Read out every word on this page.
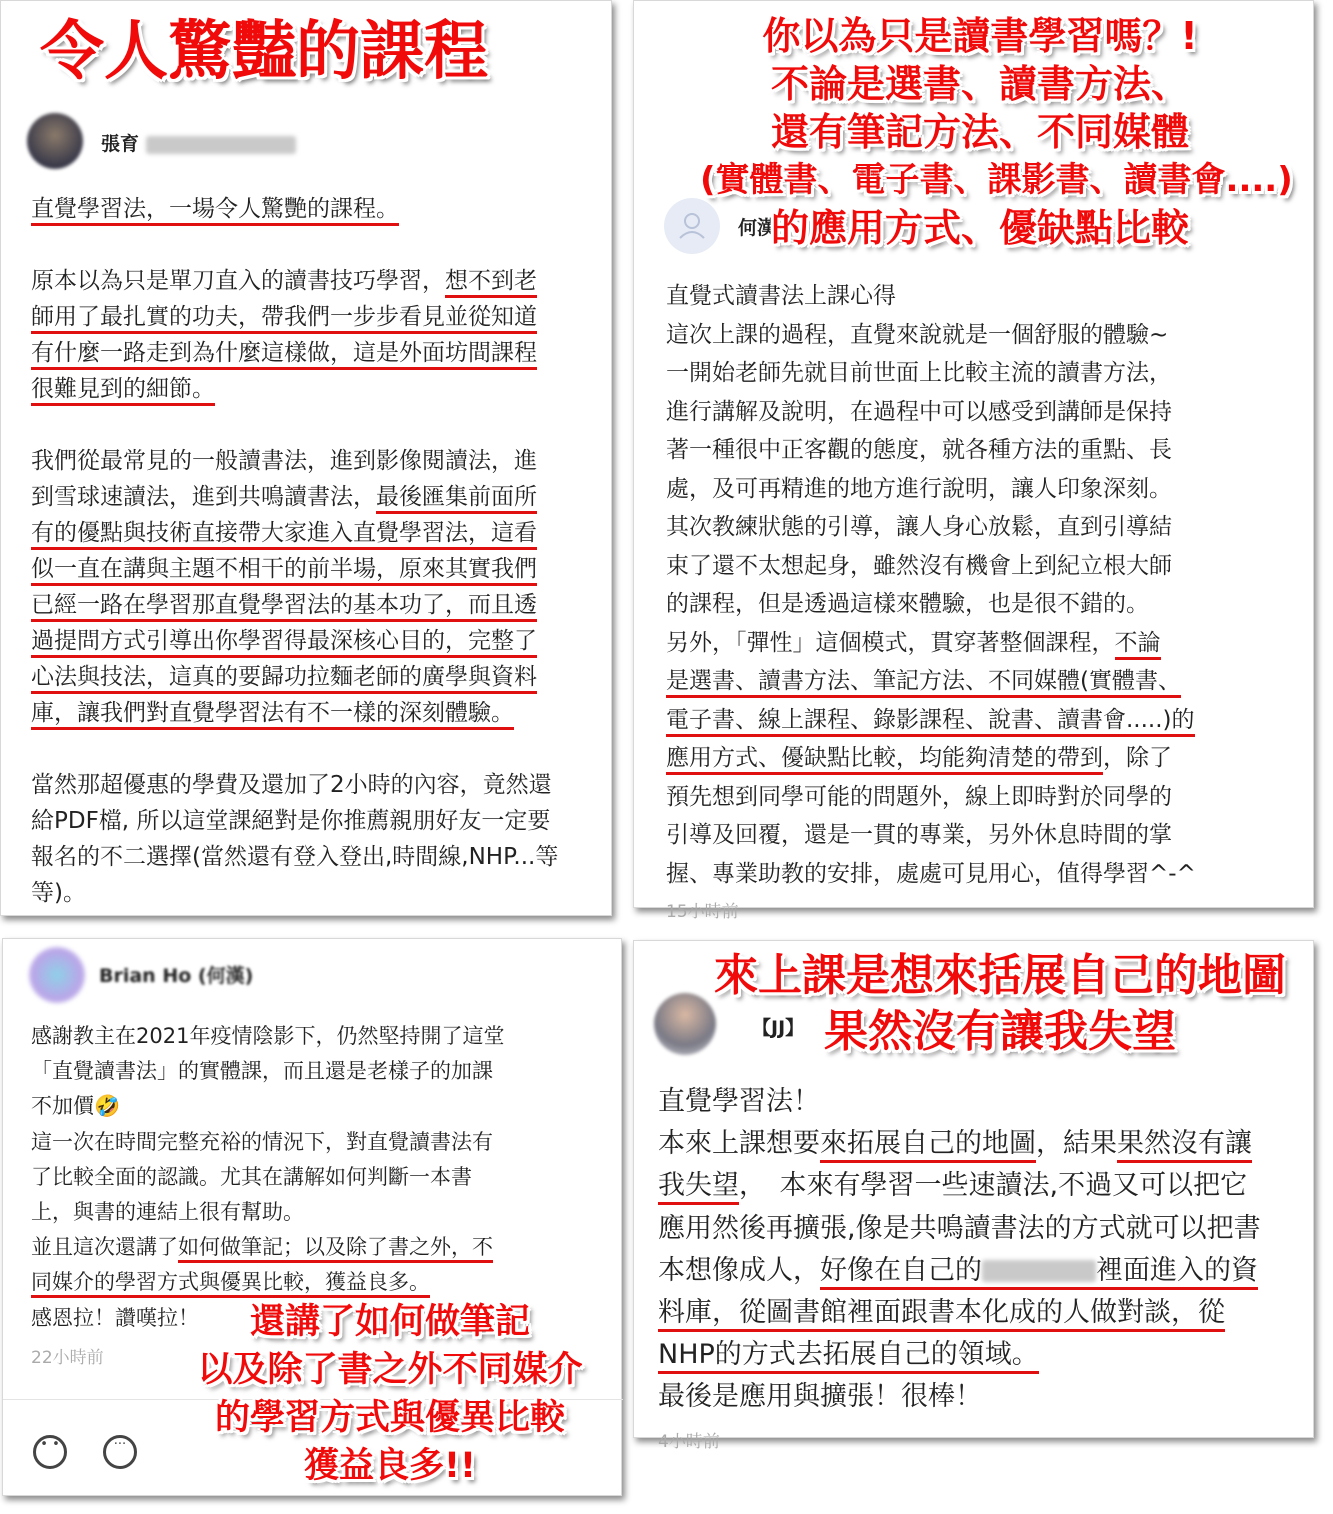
張育
直覺學習法，一場令人驚艷的課程。
原本以為只是單刀直入的讀書技巧學習，想不到老
師用了最扎實的功夫，帶我們一步步看見並從知道
有什麼一路走到為什麼這樣做，這是外面坊間課程
很難見到的細節。
我們從最常見的一般讀書法，進到影像閱讀法，進
到雪球速讀法，進到共鳴讀書法，最後匯集前面所
有的優點與技術直接帶大家進入直覺學習法，這看
似一直在講與主題不相干的前半場，原來其實我們
已經一路在學習那直覺學習法的基本功了，而且透
過提問方式引導出你學習得最深核心目的，完整了
心法與技法，這真的要歸功拉麵老師的廣學與資料
庫，讓我們對直覺學習法有不一樣的深刻體驗。
當然那超優惠的學費及還加了2小時的內容，竟然還
給PDF檔, 所以這堂課絕對是你推薦親朋好友一定要
報名的不二選擇(當然還有登入登出,時間線,NHP...等
等)。
令人驚豔的課程
何漢
直覺式讀書法上課心得
這次上課的過程，直覺來說就是一個舒服的體驗~
一開始老師先就目前世面上比較主流的讀書方法，
進行講解及說明，在過程中可以感受到講師是保持
著一種很中正客觀的態度，就各種方法的重點、長
處，及可再精進的地方進行說明，讓人印象深刻。
其次教練狀態的引導，讓人身心放鬆，直到引導結
束了還不太想起身，雖然沒有機會上到紀立根大師
的課程，但是透過這樣來體驗，也是很不錯的。
另外，「彈性」這個模式，貫穿著整個課程，不論
是選書、讀書方法、筆記方法、不同媒體(實體書、
電子書、線上課程、錄影課程、說書、讀書會.....)的
應用方式、優缺點比較，均能夠清楚的帶到，除了
預先想到同學可能的問題外，線上即時對於同學的
引導及回覆，還是一貫的專業，另外休息時間的掌
握、專業助教的安排，處處可見用心，值得學習^-^
15小時前
你以為只是讀書學習嗎？!
不論是選書、讀書方法、
還有筆記方法、不同媒體
(實體書、電子書、課影書、讀書會....)
的應用方式、優缺點比較
Brian Ho (何漢)
感謝教主在2021年疫情陰影下，仍然堅持開了這堂
「直覺讀書法」的實體課，而且還是老樣子的加課
不加價🤣
這一次在時間完整充裕的情況下，對直覺讀書法有
了比較全面的認識。尤其在講解如何判斷一本書
上，與書的連結上很有幫助。
並且這次還講了如何做筆記；以及除了書之外，不
同媒介的學習方式與優異比較，獲益良多。
感恩拉！讚嘆拉！
22小時前
• •	···
還講了如何做筆記
以及除了書之外不同媒介
的學習方式與優異比較
獲益良多!!
【JJ】
直覺學習法！
本來上課想要來拓展自己的地圖，結果果然沒有讓
我失望，　本來有學習一些速讀法,不過又可以把它
應用然後再擴張,像是共鳴讀書法的方式就可以把書
本想像成人，好像在自己的	裡面進入的資
料庫，從圖書館裡面跟書本化成的人做對談，從
NHP的方式去拓展自己的領域。
最後是應用與擴張！很棒！
4小時前
來上課是想來括展自己的地圖
果然沒有讓我失望
